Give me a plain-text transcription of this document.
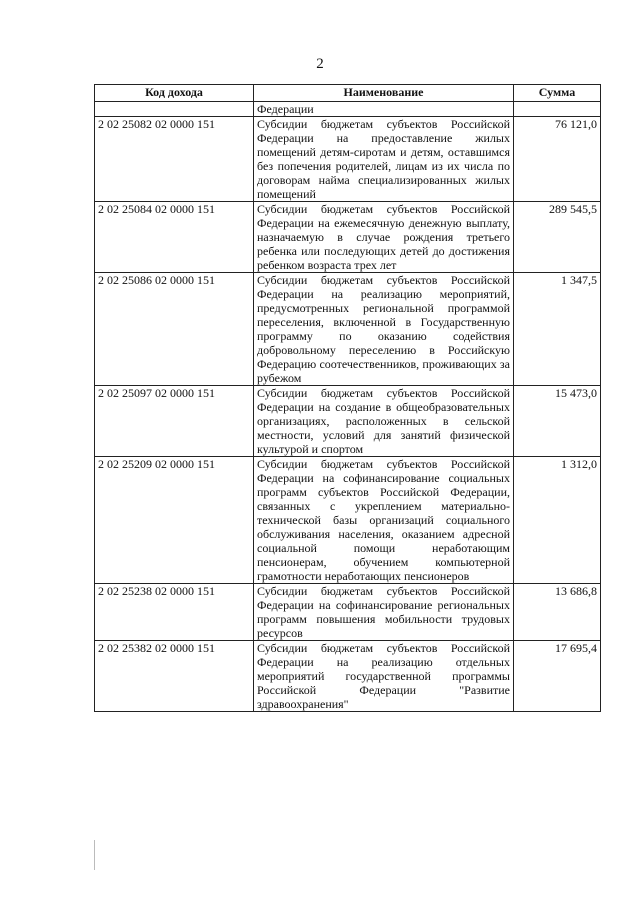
2
Код дохода	Наименование	Сумма
	Федерации	
2 02 25082 02 0000 151	Субсидии бюджетам субъектов Российской Федерации на предоставление жилых помещений детям-сиротам и детям, оставшимся без попечения родителей, лицам из их числа по договорам найма специализированных жилых помещений	76 121,0
2 02 25084 02 0000 151	Субсидии бюджетам субъектов Российской Федерации на ежемесячную денежную выплату, назначаемую в случае рождения третьего ребенка или последующих детей до достижения ребенком возраста трех лет	289 545,5
2 02 25086 02 0000 151	Субсидии бюджетам субъектов Российской Федерации на реализацию мероприятий, предусмотренных региональной программой переселения, включенной в Государственную программу по оказанию содействия добровольному переселению в Российскую Федерацию соотечественников, проживающих за рубежом	1 347,5
2 02 25097 02 0000 151	Субсидии бюджетам субъектов Российской Федерации на создание в общеобразовательных организациях, расположенных в сельской местности, условий для занятий физической культурой и спортом	15 473,0
2 02 25209 02 0000 151	Субсидии бюджетам субъектов Российской Федерации на софинансирование социальных программ субъектов Российской Федерации, связанных с укреплением материально-технической базы организаций социального обслуживания населения, оказанием адресной социальной помощи неработающим пенсионерам, обучением компьютерной грамотности неработающих пенсионеров	1 312,0
2 02 25238 02 0000 151	Субсидии бюджетам субъектов Российской Федерации на софинансирование региональных программ повышения мобильности трудовых ресурсов	13 686,8
2 02 25382 02 0000 151	Субсидии бюджетам субъектов Российской Федерации на реализацию отдельных мероприятий государственной программы Российской Федерации "Развитие здравоохранения"	17 695,4
